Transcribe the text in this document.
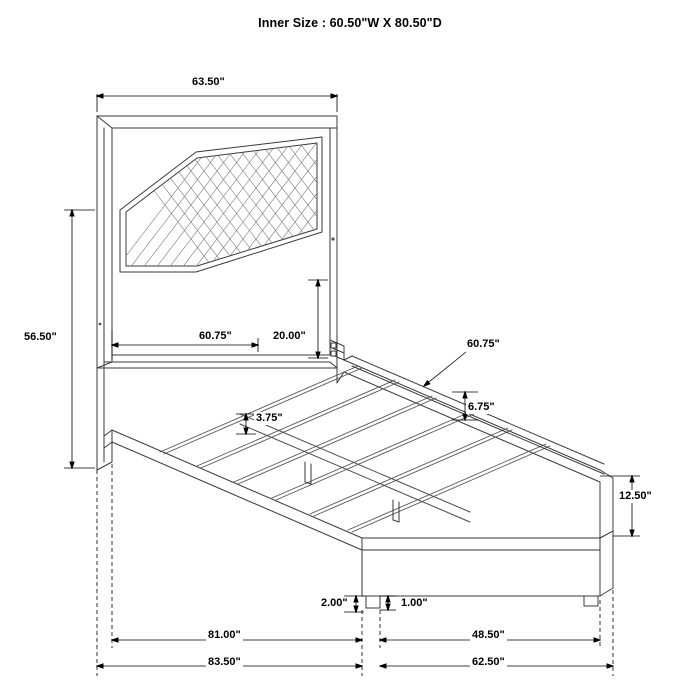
Inner Size : 60.50"W X 80.50"D
63.50"
56.50"	60.75"	20.00"
60.75"
6.75"
3.75"
12.50"
2.00"	1.00"
81.00"	48.50"
83.50"	62.50"
